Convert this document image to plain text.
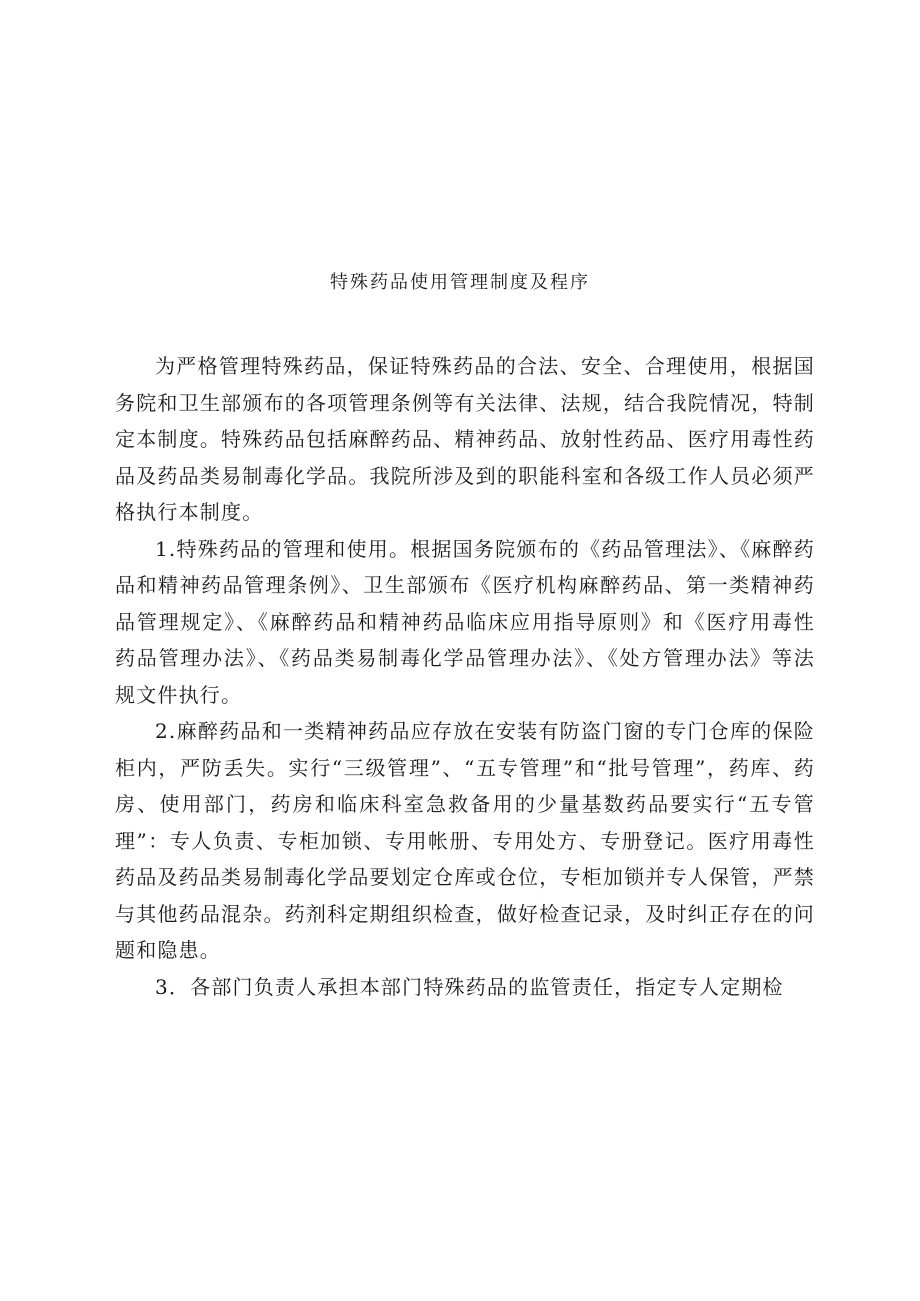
特殊药品使用管理制度及程序

为严格管理特殊药品，保证特殊药品的合法、安全、合理使用，根据国务院和卫生部颁布的各项管理条例等有关法律、法规，结合我院情况，特制定本制度。特殊药品包括麻醉药品、精神药品、放射性药品、医疗用毒性药品及药品类易制毒化学品。我院所涉及到的职能科室和各级工作人员必须严格执行本制度。

1.特殊药品的管理和使用。根据国务院颁布的《药品管理法》、《麻醉药品和精神药品管理条例》、卫生部颁布《医疗机构麻醉药品、第一类精神药品管理规定》、《麻醉药品和精神药品临床应用指导原则》和《医疗用毒性药品管理办法》、《药品类易制毒化学品管理办法》、《处方管理办法》等法规文件执行。

2.麻醉药品和一类精神药品应存放在安装有防盗门窗的专门仓库的保险柜内，严防丢失。实行“三级管理”、“五专管理”和“批号管理”，药库、药房、使用部门，药房和临床科室急救备用的少量基数药品要实行“五专管理”：专人负责、专柜加锁、专用帐册、专用处方、专册登记。医疗用毒性药品及药品类易制毒化学品要划定仓库或仓位，专柜加锁并专人保管，严禁与其他药品混杂。药剂科定期组织检查，做好检查记录，及时纠正存在的问题和隐患。

3．各部门负责人承担本部门特殊药品的监管责任，指定专人定期检
